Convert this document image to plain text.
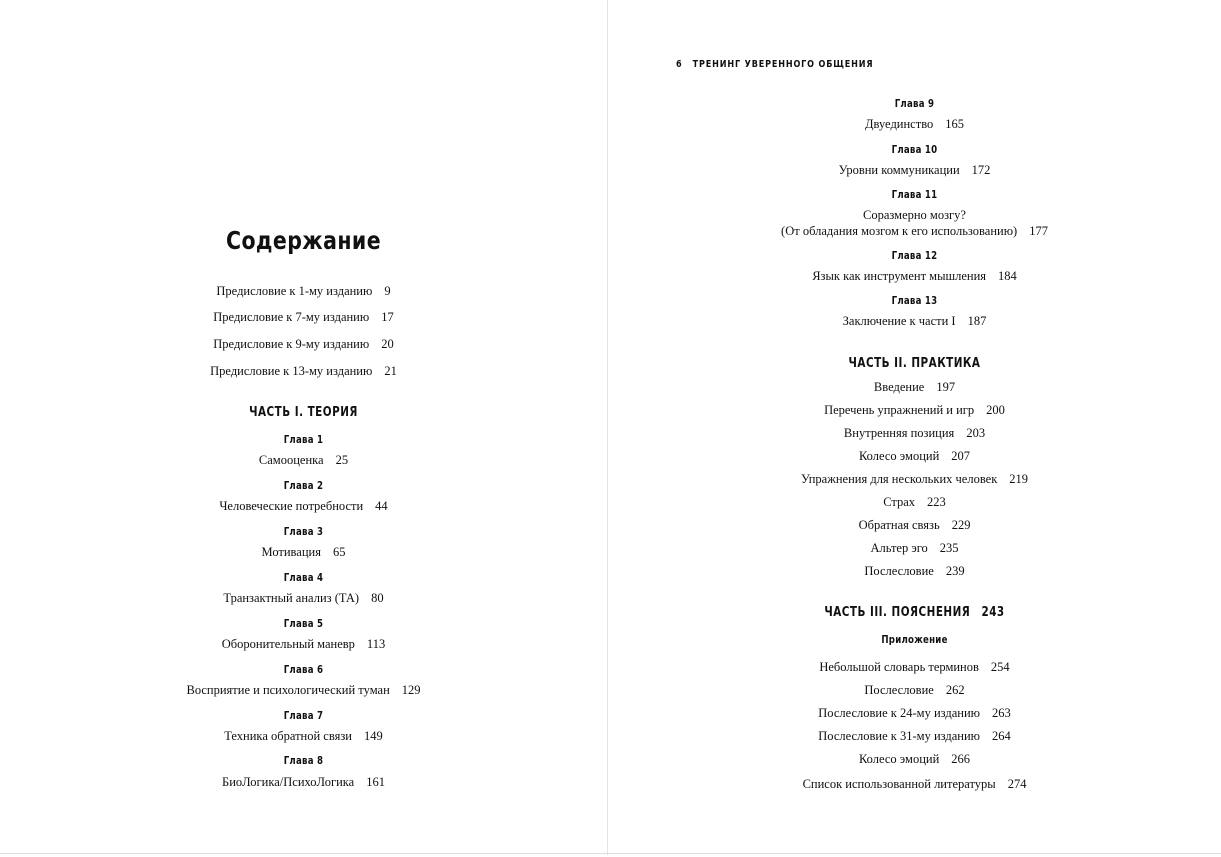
Содержание
Предисловие к 1-му изданию 9
Предисловие к 7-му изданию 17
Предисловие к 9-му изданию 20
Предисловие к 13-му изданию 21
ЧАСТЬ I. ТЕОРИЯ
Глава 1
Самооценка 25
Глава 2
Человеческие потребности 44
Глава 3
Мотивация 65
Глава 4
Транзактный анализ (ТА) 80
Глава 5
Оборонительный маневр 113
Глава 6
Восприятие и психологический туман 129
Глава 7
Техника обратной связи 149
Глава 8
БиоЛогика/ПсихоЛогика 161
Глава 9
Двуединство 165
Глава 10
Уровни коммуникации 172
Глава 11
Соразмерно мозгу?
(От обладания мозгом к его использованию) 177
Глава 12
Язык как инструмент мышления 184
Глава 13
Заключение к части I 187
ЧАСТЬ II. ПРАКТИКА
Введение 197
Перечень упражнений и игр 200
Внутренняя позиция 203
Колесо эмоций 207
Упражнения для нескольких человек 219
Страх 223
Обратная связь 229
Альтер эго 235
Послесловие 239
ЧАСТЬ III. ПОЯСНЕНИЯ 243
Приложение
Небольшой словарь терминов 254
Послесловие 262
Послесловие к 24-му изданию 263
Послесловие к 31-му изданию 264
Колесо эмоций 266
Список использованной литературы 274
6 ТРЕНИНГ УВЕРЕННОГО ОБЩЕНИЯ
